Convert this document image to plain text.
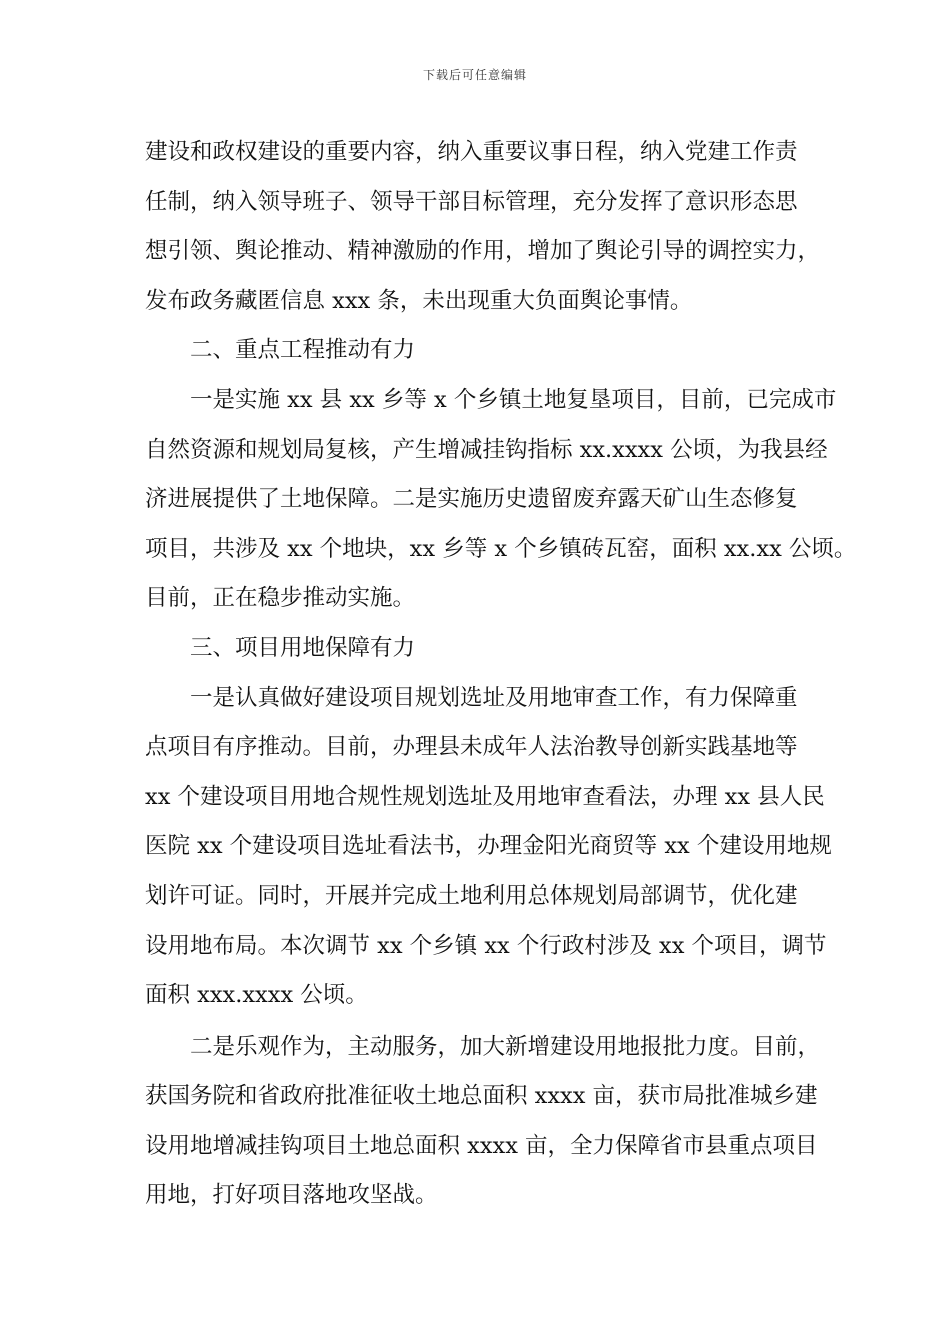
下载后可任意编辑
建设和政权建设的重要内容，纳入重要议事日程，纳入党建工作责
任制，纳入领导班子、领导干部目标管理，充分发挥了意识形态思
想引领、舆论推动、精神激励的作用，增加了舆论引导的调控实力，
发布政务藏匿信息 xxx 条，未出现重大负面舆论事情。
二、重点工程推动有力
一是实施 xx 县 xx 乡等 x 个乡镇土地复垦项目，目前，已完成市
自然资源和规划局复核，产生增减挂钩指标 xx.xxxx 公顷，为我县经
济进展提供了土地保障。二是实施历史遗留废弃露天矿山生态修复
项目，共涉及 xx 个地块，xx 乡等 x 个乡镇砖瓦窑，面积 xx.xx 公顷。
目前，正在稳步推动实施。
三、项目用地保障有力
一是认真做好建设项目规划选址及用地审查工作，有力保障重
点项目有序推动。目前，办理县未成年人法治教导创新实践基地等
xx 个建设项目用地合规性规划选址及用地审查看法，办理 xx 县人民
医院 xx 个建设项目选址看法书，办理金阳光商贸等 xx 个建设用地规
划许可证。同时，开展并完成土地利用总体规划局部调节，优化建
设用地布局。本次调节 xx 个乡镇 xx 个行政村涉及 xx 个项目，调节
面积 xxx.xxxx 公顷。
二是乐观作为，主动服务，加大新增建设用地报批力度。目前，
获国务院和省政府批准征收土地总面积 xxxx 亩，获市局批准城乡建
设用地增减挂钩项目土地总面积 xxxx 亩，全力保障省市县重点项目
用地，打好项目落地攻坚战。
